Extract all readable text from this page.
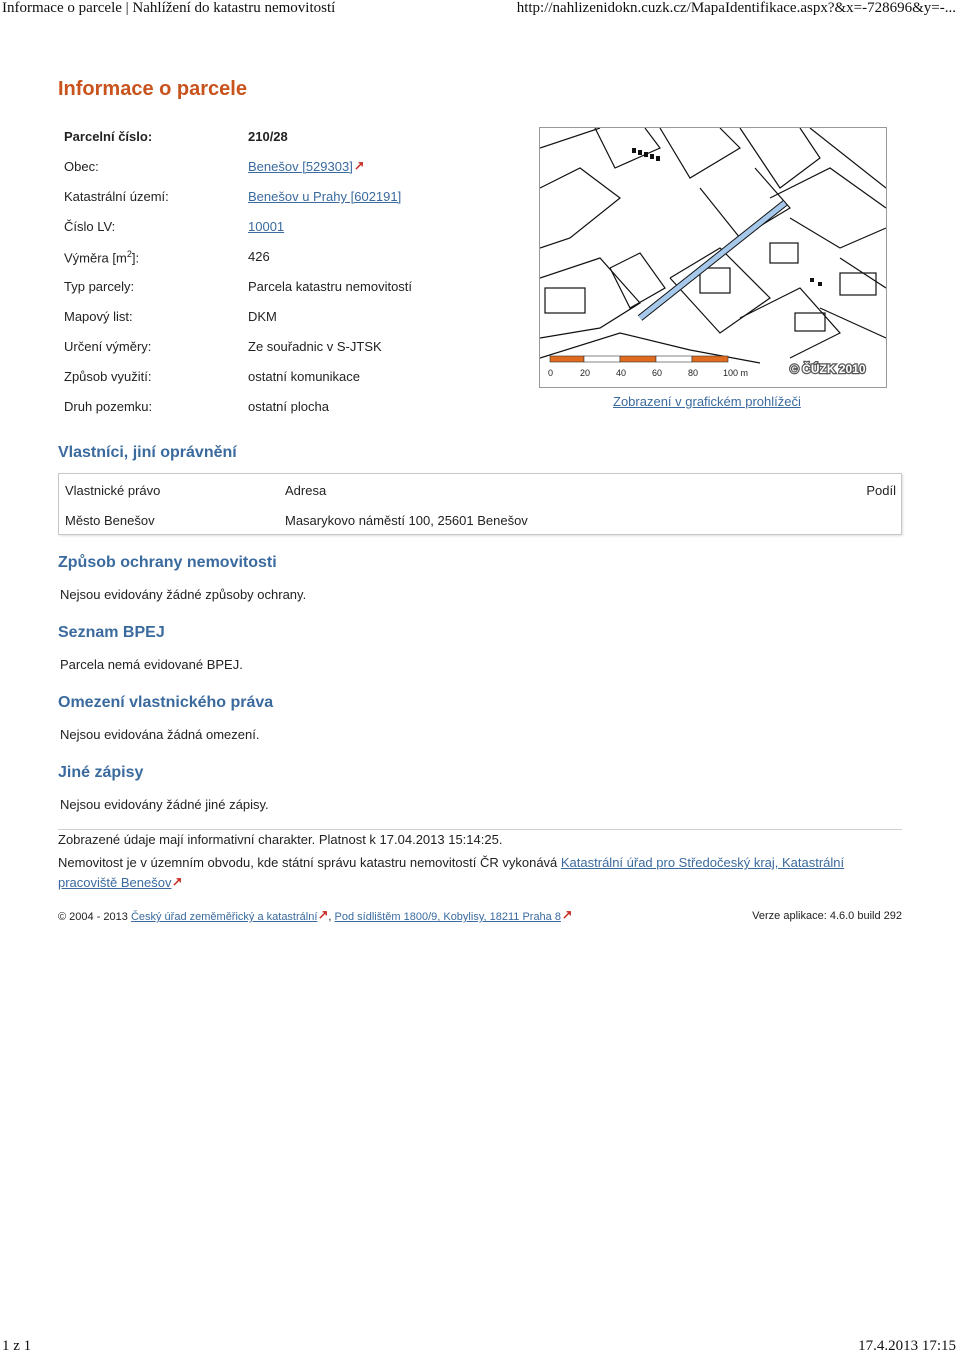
Informace o parcele | Nahlížení do katastru nemovitostí	http://nahlizenidokn.cuzk.cz/MapaIdentifikace.aspx?&x=-728696&y=-...
Informace o parcele
Parcelní číslo:	210/28
Obec:	Benešov [529303]
Katastrální území:	Benešov u Prahy [602191]
Číslo LV:	10001
Výměra $[m^2]$:	426
Typ parcely:	Parcela katastru nemovitostí
Mapový list:	DKM
Určení výměry:	Ze souřadnic v S-JTSK
Způsob využití:	ostatní komunikace
Druh pozemku:	ostatní plocha
0	20	40	60	80	100 m	© ČÚZK 2010
Zobrazení v grafickém prohlížeči
Vlastníci, jiní oprávnění
Vlastnické právo	Adresa	Podíl
Město Benešov	Masarykovo náměstí 100, 25601 Benešov
Způsob ochrany nemovitosti

Nejsou evidovány žádné způsoby ochrany.

Seznam BPEJ

Parcela nemá evidované BPEJ.

Omezení vlastnického práva

Nejsou evidována žádná omezení.

Jiné zápisy

Nejsou evidovány žádné jiné zápisy.

Zobrazené údaje mají informativní charakter. Platnost k 17.04.2013 15:14:25.
Nemovitost je v územním obvodu, kde státní správu katastru nemovitostí ČR vykonává Katastrální úřad pro Středočeský kraj, Katastrální pracoviště Benešov
© 2004 - 2013 Český úřad zeměměřický a katastrální , Pod sídlištěm 1800/9, Kobylisy, 18211 Praha 8	Verze aplikace: 4.6.0 build 292
1 z 1	17.4.2013 17:15
